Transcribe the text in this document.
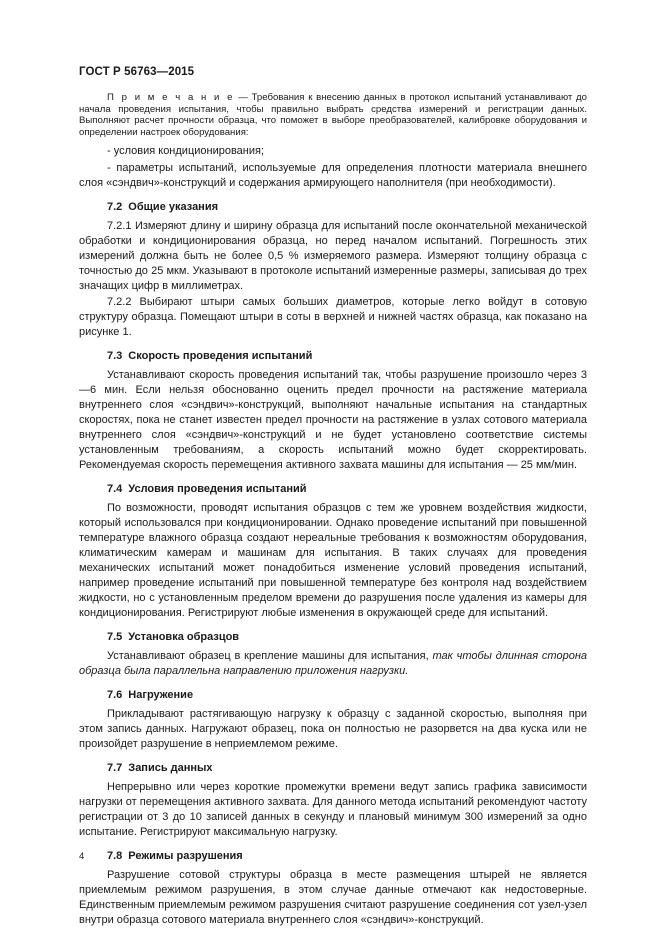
ГОСТ Р 56763—2015

П р и м е ч а н и е — Требования к внесению данных в протокол испытаний устанавливают до начала проведения испытания, чтобы правильно выбрать средства измерений и регистрации данных. Выполняют расчет прочности образца, что поможет в выборе преобразователей, калибровке оборудования и определении настроек оборудования:

- условия кондиционирования;

- параметры испытаний, используемые для определения плотности материала внешнего слоя «сэндвич»-конструкций и содержания армирующего наполнителя (при необходимости).

7.2 Общие указания

7.2.1 Измеряют длину и ширину образца для испытаний после окончательной механической обработки и кондиционирования образца, но перед началом испытаний. Погрешность этих измерений должна быть не более 0,5 % измеряемого размера. Измеряют толщину образца с точностью до 25 мкм. Указывают в протоколе испытаний измеренные размеры, записывая до трех значащих цифр в миллиметрах.

7.2.2 Выбирают штыри самых больших диаметров, которые легко войдут в сотовую структуру образца. Помещают штыри в соты в верхней и нижней частях образца, как показано на рисунке 1.

7.3 Скорость проведения испытаний

Устанавливают скорость проведения испытаний так, чтобы разрушение произошло через 3—6 мин. Если нельзя обоснованно оценить предел прочности на растяжение материала внутреннего слоя «сэндвич»-конструкций, выполняют начальные испытания на стандартных скоростях, пока не станет известен предел прочности на растяжение в узлах сотового материала внутреннего слоя «сэндвич»-конструкций и не будет установлено соответствие системы установленным требованиям, а скорость испытаний можно будет скорректировать. Рекомендуемая скорость перемещения активного захвата машины для испытания — 25 мм/мин.

7.4 Условия проведения испытаний

По возможности, проводят испытания образцов с тем же уровнем воздействия жидкости, который использовался при кондиционировании. Однако проведение испытаний при повышенной температуре влажного образца создают нереальные требования к возможностям оборудования, климатическим камерам и машинам для испытания. В таких случаях для проведения механических испытаний может понадобиться изменение условий проведения испытаний, например проведение испытаний при повышенной температуре без контроля над воздействием жидкости, но с установленным пределом времени до разрушения после удаления из камеры для кондиционирования. Регистрируют любые изменения в окружающей среде для испытаний.

7.5 Установка образцов

Устанавливают образец в крепление машины для испытания, так чтобы длинная сторона образца была параллельна направлению приложения нагрузки.

7.6 Нагружение

Прикладывают растягивающую нагрузку к образцу с заданной скоростью, выполняя при этом запись данных. Нагружают образец, пока он полностью не разорвется на два куска или не произойдет разрушение в неприемлемом режиме.

7.7 Запись данных

Непрерывно или через короткие промежутки времени ведут запись графика зависимости нагрузки от перемещения активного захвата. Для данного метода испытаний рекомендуют частоту регистрации от 3 до 10 записей данных в секунду и плановый минимум 300 измерений за одно испытание. Регистрируют максимальную нагрузку.

7.8 Режимы разрушения

Разрушение сотовой структуры образца в месте размещения штырей не является приемлемым режимом разрушения, в этом случае данные отмечают как недостоверные. Единственным приемлемым режимом разрушения считают разрушение соединения сот узел-узел внутри образца сотового материала внутреннего слоя «сэндвич»-конструкций.

4
